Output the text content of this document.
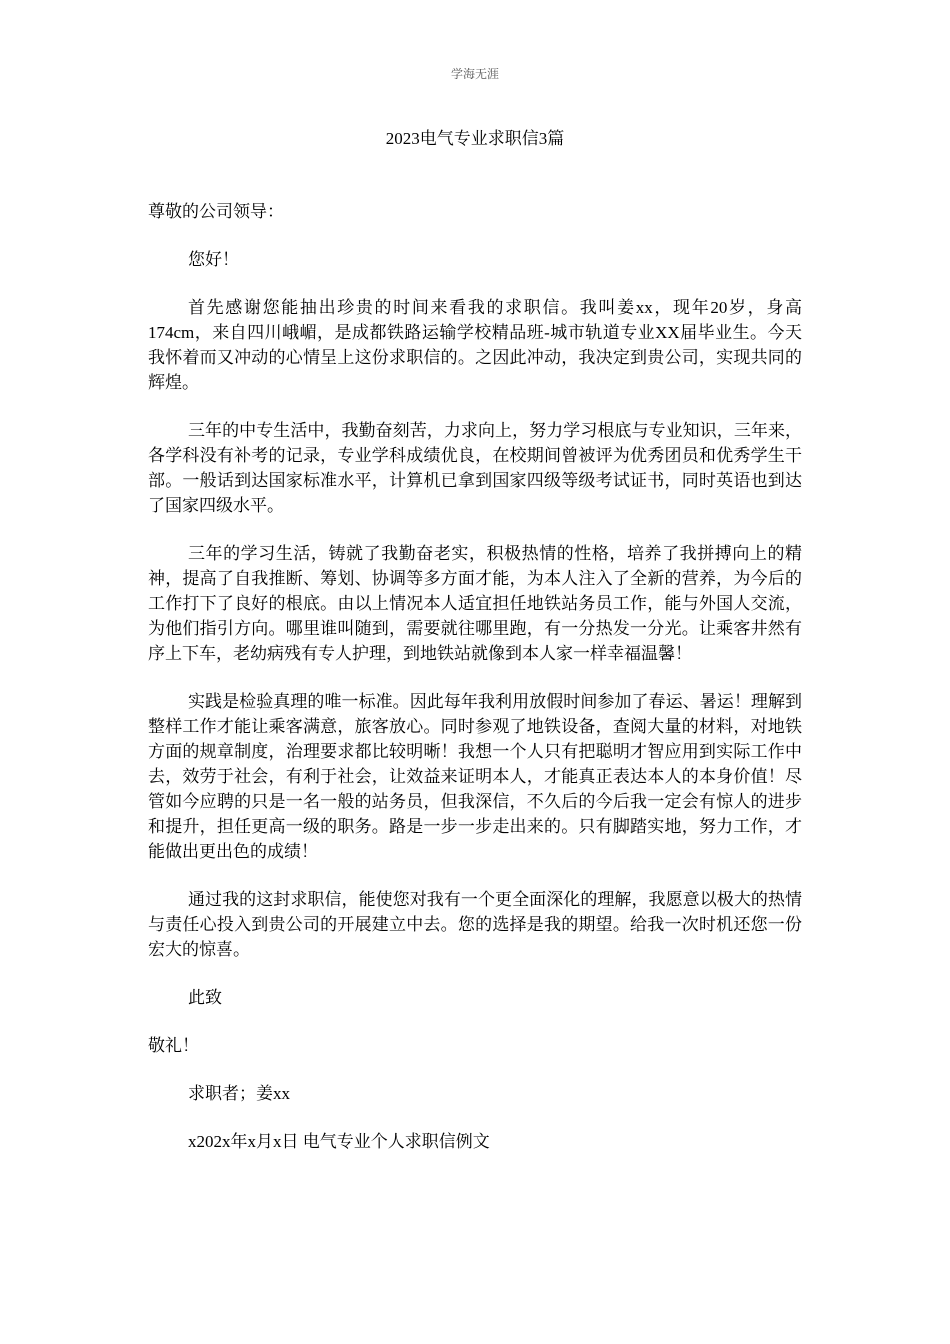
学海无涯
2023电气专业求职信3篇

尊敬的公司领导：

您好！

首先感谢您能抽出珍贵的时间来看我的求职信。我叫姜xx，现年20岁，身高174cm，来自四川峨嵋，是成都铁路运输学校精品班-城市轨道专业XX届毕业生。今天我怀着而又冲动的心情呈上这份求职信的。之因此冲动，我决定到贵公司，实现共同的辉煌。

三年的中专生活中，我勤奋刻苦，力求向上，努力学习根底与专业知识，三年来，各学科没有补考的记录，专业学科成绩优良，在校期间曾被评为优秀团员和优秀学生干部。一般话到达国家标准水平，计算机已拿到国家四级等级考试证书，同时英语也到达了国家四级水平。

三年的学习生活，铸就了我勤奋老实，积极热情的性格，培养了我拼搏向上的精神，提高了自我推断、筹划、协调等多方面才能，为本人注入了全新的营养，为今后的工作打下了良好的根底。由以上情况本人适宜担任地铁站务员工作，能与外国人交流，为他们指引方向。哪里谁叫随到，需要就往哪里跑，有一分热发一分光。让乘客井然有序上下车，老幼病残有专人护理，到地铁站就像到本人家一样幸福温馨！

实践是检验真理的唯一标准。因此每年我利用放假时间参加了春运、暑运！理解到整样工作才能让乘客满意，旅客放心。同时参观了地铁设备，查阅大量的材料，对地铁方面的规章制度，治理要求都比较明晰！我想一个人只有把聪明才智应用到实际工作中去，效劳于社会，有利于社会，让效益来证明本人，才能真正表达本人的本身价值！尽管如今应聘的只是一名一般的站务员，但我深信，不久后的今后我一定会有惊人的进步和提升，担任更高一级的职务。路是一步一步走出来的。只有脚踏实地，努力工作，才能做出更出色的成绩！

通过我的这封求职信，能使您对我有一个更全面深化的理解，我愿意以极大的热情与责任心投入到贵公司的开展建立中去。您的选择是我的期望。给我一次时机还您一份宏大的惊喜。

此致

敬礼！

求职者；姜xx

x202x年x月x日 电气专业个人求职信例文
